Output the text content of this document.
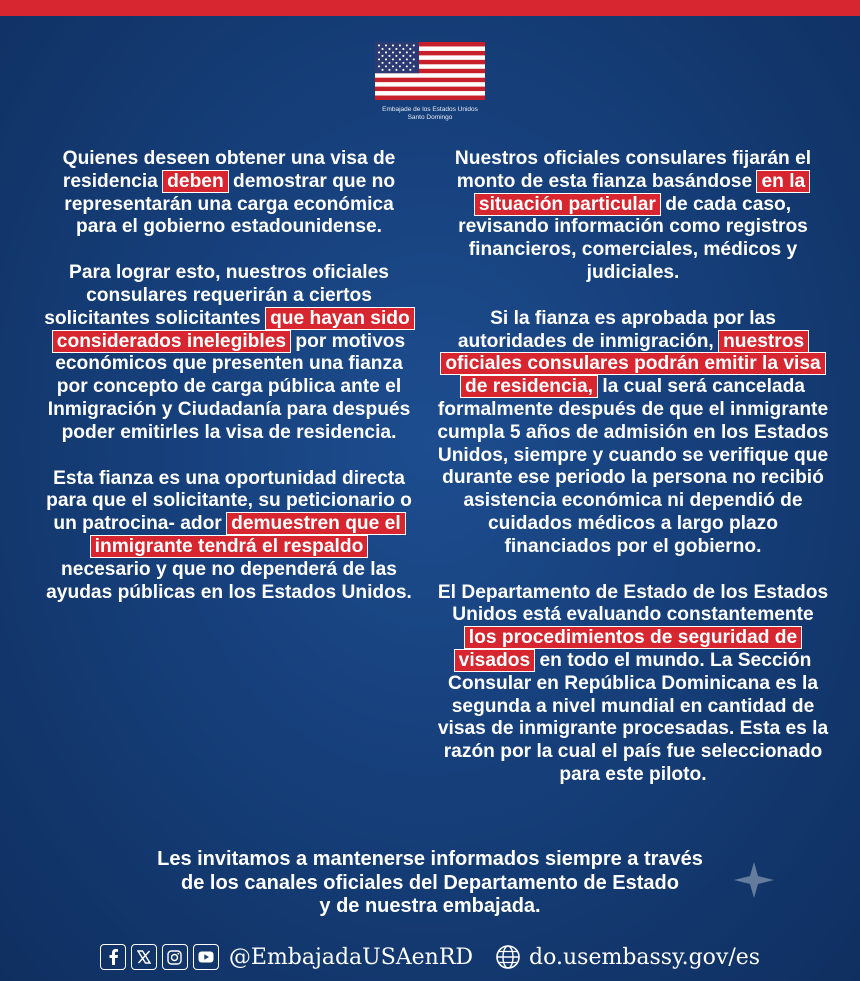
Embajade de los Estados Unidos
Santo Domingo

Quienes deseen obtener una visa de residencia deben demostrar que no representarán una carga económica para el gobierno estadounidense.

Para lograr esto, nuestros oficiales consulares requerirán a ciertos solicitantes solicitantes que hayan sido considerados inelegibles por motivos económicos que presenten una fianza por concepto de carga pública ante el Inmigración y Ciudadanía para después poder emitirles la visa de residencia.

Esta fianza es una oportunidad directa para que el solicitante, su peticionario o un patrocina- ador demuestren que el inmigrante tendrá el respaldo necesario y que no dependerá de las ayudas públicas en los Estados Unidos.

Nuestros oficiales consulares fijarán el monto de esta fianza basándose en la situación particular de cada caso, revisando información como registros financieros, comerciales, médicos y judiciales.

Si la fianza es aprobada por las autoridades de inmigración, nuestros oficiales consulares podrán emitir la visa de residencia, la cual será cancelada formalmente después de que el inmigrante cumpla 5 años de admisión en los Estados Unidos, siempre y cuando se verifique que durante ese periodo la persona no recibió asistencia económica ni dependió de cuidados médicos a largo plazo financiados por el gobierno.

El Departamento de Estado de los Estados Unidos está evaluando constantemente los procedimientos de seguridad de visados en todo el mundo. La Sección Consular en República Dominicana es la segunda a nivel mundial en cantidad de visas de inmigrante procesadas. Esta es la razón por la cual el país fue seleccionado para este piloto.

Les invitamos a mantenerse informados siempre a través
de los canales oficiales del Departamento de Estado
y de nuestra embajada.
@EmbajadaUSAenRD	do.usembassy.gov/es
